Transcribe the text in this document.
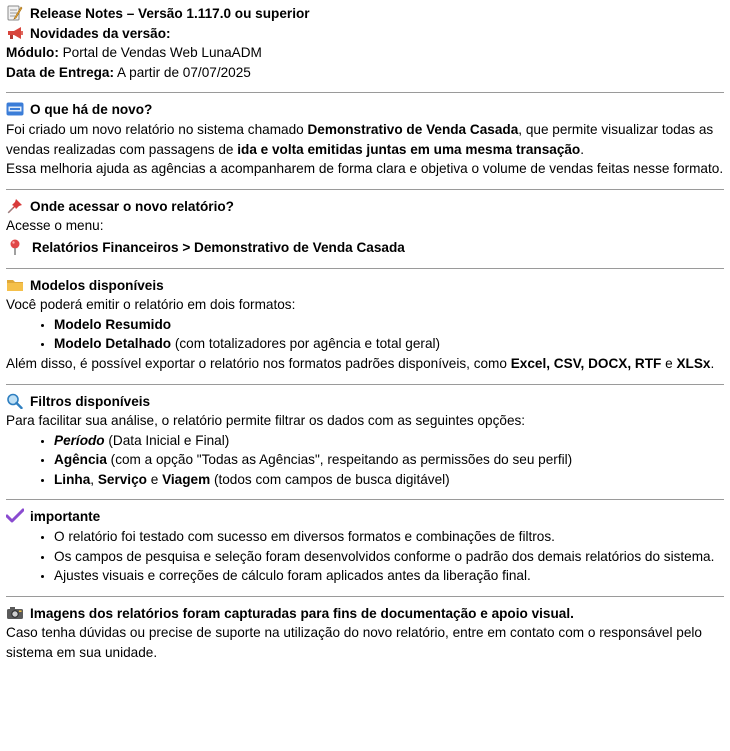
Release Notes – Versão 1.117.0 ou superior
Novidades da versão:
Módulo: Portal de Vendas Web LunaADM
Data de Entrega: A partir de 07/07/2025
O que há de novo?
Foi criado um novo relatório no sistema chamado Demonstrativo de Venda Casada, que permite visualizar todas as vendas realizadas com passagens de ida e volta emitidas juntas em uma mesma transação.
Essa melhoria ajuda as agências a acompanharem de forma clara e objetiva o volume de vendas feitas nesse formato.
Onde acessar o novo relatório?
Acesse o menu:
Relatórios Financeiros > Demonstrativo de Venda Casada
Modelos disponíveis
Você poderá emitir o relatório em dois formatos:
• Modelo Resumido
• Modelo Detalhado (com totalizadores por agência e total geral)
Além disso, é possível exportar o relatório nos formatos padrões disponíveis, como Excel, CSV, DOCX, RTF e XLSx.
Filtros disponíveis
Para facilitar sua análise, o relatório permite filtrar os dados com as seguintes opções:
• Período (Data Inicial e Final)
• Agência (com a opção "Todas as Agências", respeitando as permissões do seu perfil)
• Linha, Serviço e Viagem (todos com campos de busca digitável)
importante
• O relatório foi testado com sucesso em diversos formatos e combinações de filtros.
• Os campos de pesquisa e seleção foram desenvolvidos conforme o padrão dos demais relatórios do sistema.
• Ajustes visuais e correções de cálculo foram aplicados antes da liberação final.
Imagens dos relatórios foram capturadas para fins de documentação e apoio visual.
Caso tenha dúvidas ou precise de suporte na utilização do novo relatório, entre em contato com o responsável pelo sistema em sua unidade.
